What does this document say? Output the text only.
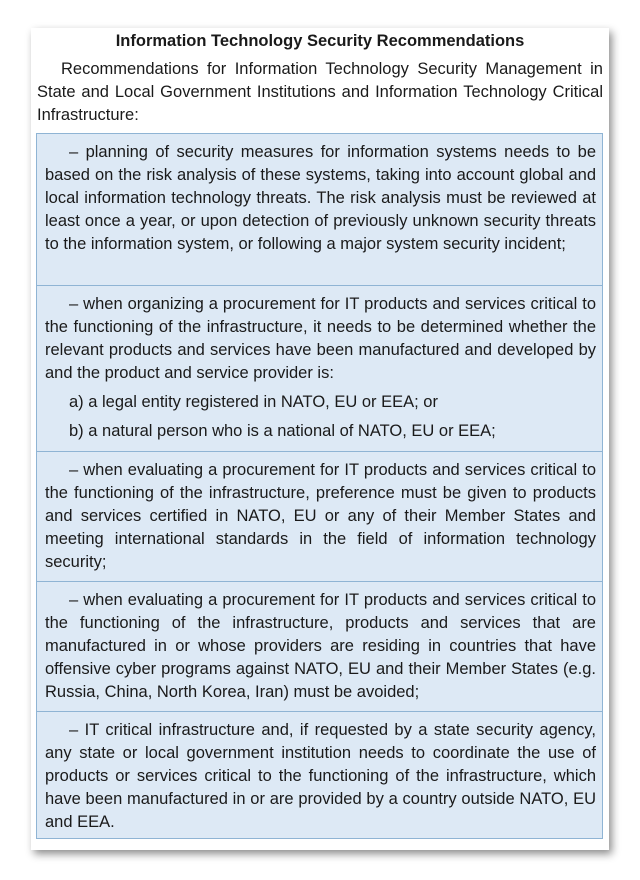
Information Technology Security Recommendations

Recommendations for Information Technology Security Management in State and Local Government Institutions and Information Technology Critical Infrastructure:

– planning of security measures for information systems needs to be based on the risk analysis of these systems, taking into account global and local information technology threats. The risk analysis must be reviewed at least once a year, or upon detection of previously unknown security threats to the information system, or following a major system security incident;

– when organizing a procurement for IT products and services critical to the functioning of the infrastructure, it needs to be determined whether the relevant products and services have been manufactured and developed by and the product and service provider is:

a) a legal entity registered in NATO, EU or EEA; or

b) a natural person who is a national of NATO, EU or EEA;

– when evaluating a procurement for IT products and services critical to the functioning of the infrastructure, preference must be given to products and services certified in NATO, EU or any of their Member States and meeting international standards in the field of information technology security;

– when evaluating a procurement for IT products and services critical to the functioning of the infrastructure, products and services that are manufactured in or whose providers are residing in countries that have offensive cyber programs against NATO, EU and their Member States (e.g. Russia, China, North Korea, Iran) must be avoided;

– IT critical infrastructure and, if requested by a state security agency, any state or local government institution needs to coordinate the use of products or services critical to the functioning of the infrastructure, which have been manufactured in or are provided by a country outside NATO, EU and EEA.
